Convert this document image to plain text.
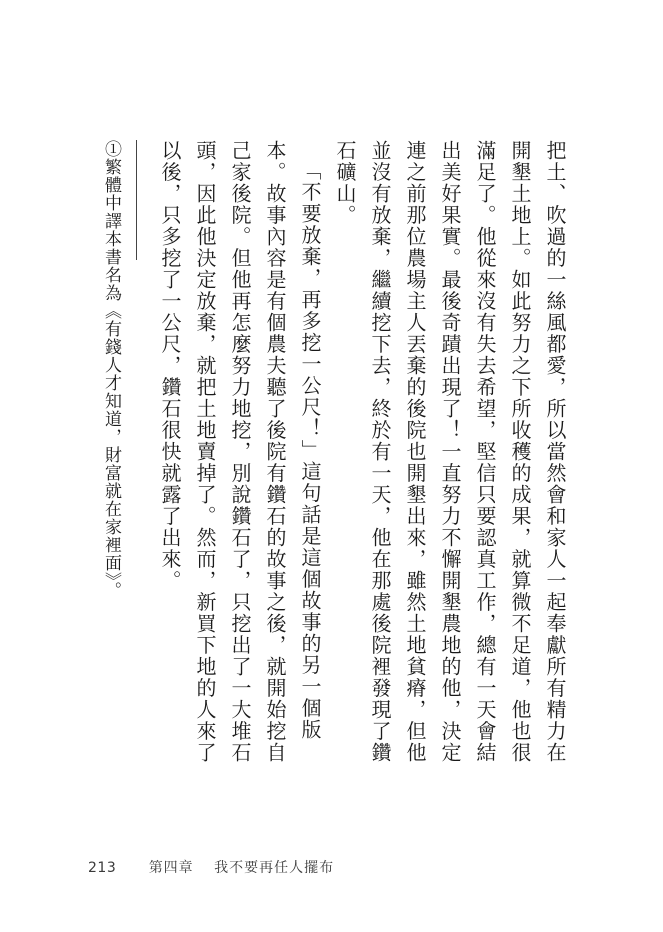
把土、吹過的一絲風都愛，所以當然會和家人一起奉獻所有精力在開墾土地上。如此努力之下所收穫的成果，就算微不足道，他也很滿足了。他從來沒有失去希望，堅信只要認真工作，總有一天會結出美好果實。最後奇蹟出現了！一直努力不懈開墾農地的他，決定連之前那位農場主人丟棄的後院也開墾出來，雖然土地貧瘠，但他並沒有放棄，繼續挖下去，終於有一天，他在那處後院裡發現了鑽石礦山。

「不要放棄，再多挖一公尺！」這句話是這個故事的另一個版本。故事內容是有個農夫聽了後院有鑽石的故事之後，就開始挖自己家後院。但他再怎麼努力地挖，別說鑽石了，只挖出了一大堆石頭，因此他決定放棄，就把土地賣掉了。然而，新買下地的人來了以後，只多挖了一公尺，鑽石很快就露了出來。

①繁體中譯本書名為《有錢人才知道，財富就在家裡面》。
213 第四章 我不要再任人擺布
